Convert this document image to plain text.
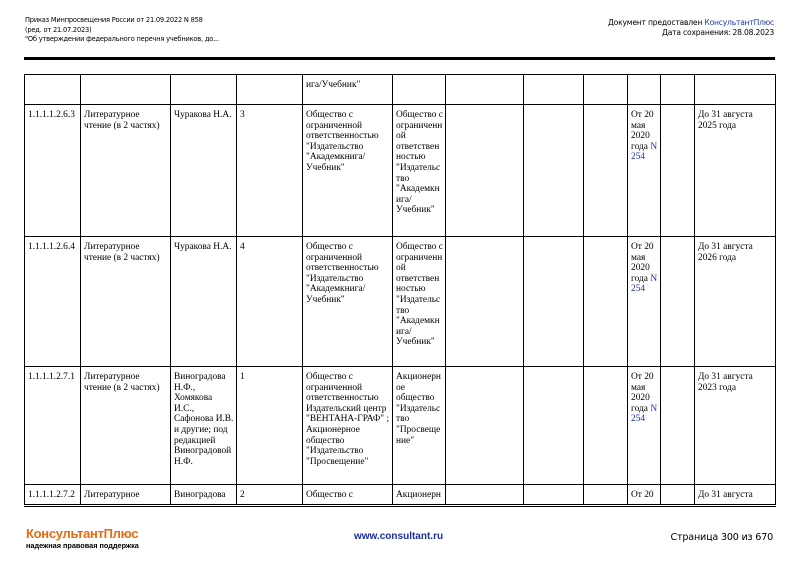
Приказ Минпросвещения России от 21.09.2022 N 858
(ред. от 21.07.2023)
"Об утверждении федерального перечня учебников, до...
Документ предоставлен КонсультантПлюс
Дата сохранения: 28.08.2023
				ига/Учебник"							
1.1.1.1.2.6.3	Литературное чтение (в 2 частях)	Чуракова Н.А.	3	Общество с ограниченной ответственностью "Издательство "Академкнига/Учебник"	Общество с ограниченной ответственностью "Издательство "Академкнига/Учебник"				От 20 мая 2020 года N 254		До 31 августа 2025 года
1.1.1.1.2.6.4	Литературное чтение (в 2 частях)	Чуракова Н.А.	4	Общество с ограниченной ответственностью "Издательство "Академкнига/Учебник"	Общество с ограниченной ответственностью "Издательство "Академкнига/Учебник"				От 20 мая 2020 года N 254		До 31 августа 2026 года
1.1.1.1.2.7.1	Литературное чтение (в 2 частях)	Виноградова Н.Ф., Хомякова И.С., Сафонова И.В. и другие; под редакцией Виноградовой Н.Ф.	1	Общество с ограниченной ответственностью Издательский центр "ВЕНТАНА-ГРАФ" ; Акционерное общество "Издательство "Просвещение"	Акционерное общество "Издательство "Просвещение"				От 20 мая 2020 года N 254		До 31 августа 2023 года
1.1.1.1.2.7.2	Литературное	Виноградова	2	Общество с	Акционерн				От 20		До 31 августа
КонсультантПлюс
надежная правовая поддержка
www.consultant.ru	Страница 300 из 670
